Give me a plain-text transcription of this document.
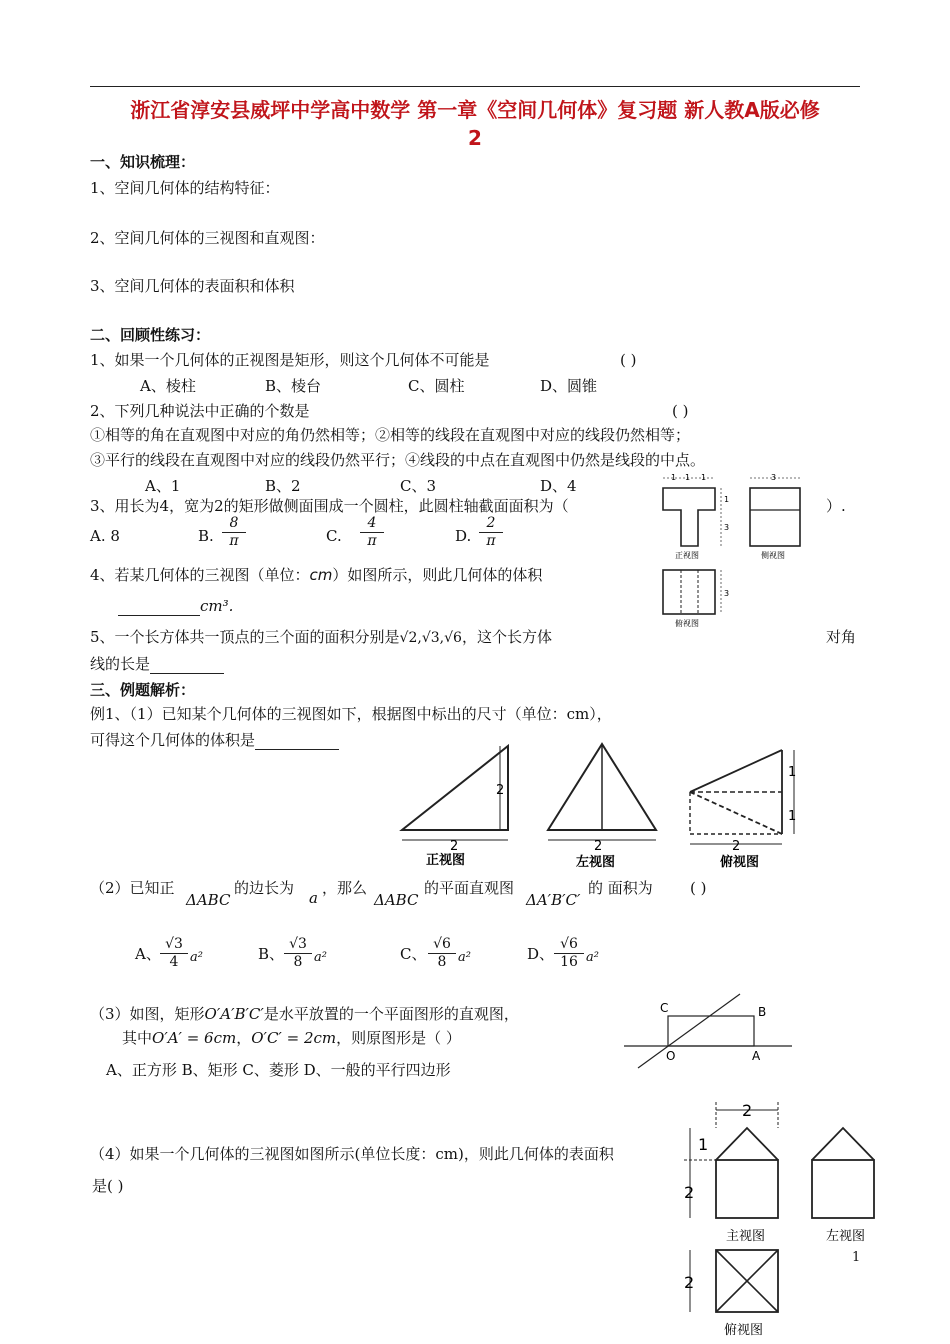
浙江省淳安县威坪中学高中数学 第一章《空间几何体》复习题 新人教A版必修
2
一、知识梳理：
1、空间几何体的结构特征：
2、空间几何体的三视图和直观图：
3、空间几何体的表面积和体积
二、回顾性练习：
1、如果一个几何体的正视图是矩形，则这个几何体不可能是	( )
A、棱柱	B、棱台	C、圆柱	D、圆锥
2、下列几种说法中正确的个数是	( )
①相等的角在直观图中对应的角仍然相等；②相等的线段在直观图中对应的线段仍然相等；
③平行的线段在直观图中对应的线段仍然平行；④线段的中点在直观图中仍然是线段的中点。
A、1	B、2	C、3	D、4
3、用长为4，宽为2的矩形做侧面围成一个圆柱，此圆柱轴截面面积为（	）.
A. 8	B. $\frac{8}{\pi}$	C. $\frac{4}{\pi}$	D. $\frac{2}{\pi}$
4、若某几何体的三视图（单位：cm）如图所示，则此几何体的体积
cm³.
5、一个长方体共一顶点的三个面的面积分别是√2,√3,√6，这个长方体	对角
线的长是
1 1 1
1
3
正视图
3
侧视图
3
俯视图
三、例题解析：
例1、（1）已知某个几何体的三视图如下，根据图中标出的尺寸（单位：cm），
可得这个几何体的体积是
2
2
正视图
2
左视图
1
1
2
俯视图
（2）已知正
ΔABC
的边长为
a
，那么
ΔABC
的平面直观图
ΔA′B′C′
的 面积为 ( )
A、 $\frac{√3}{4} a^2$	B、 $\frac{√3}{8} a^2$	C、 $\frac{√6}{8} a^2$	D、 $\frac{√6}{16} a^2$
（3）如图，矩形O′A′B′C′是水平放置的一个平面图形的直观图，
其中O′A′ = 6cm，O′C′ = 2cm，则原图形是（ ）
A、正方形 B、矩形 C、菱形 D、一般的平行四边形
C	B
O	A
（4）如果一个几何体的三视图如图所示(单位长度：cm)，则此几何体的表面积
是( )
2
1
2
主视图	左视图
2
俯视图
1
